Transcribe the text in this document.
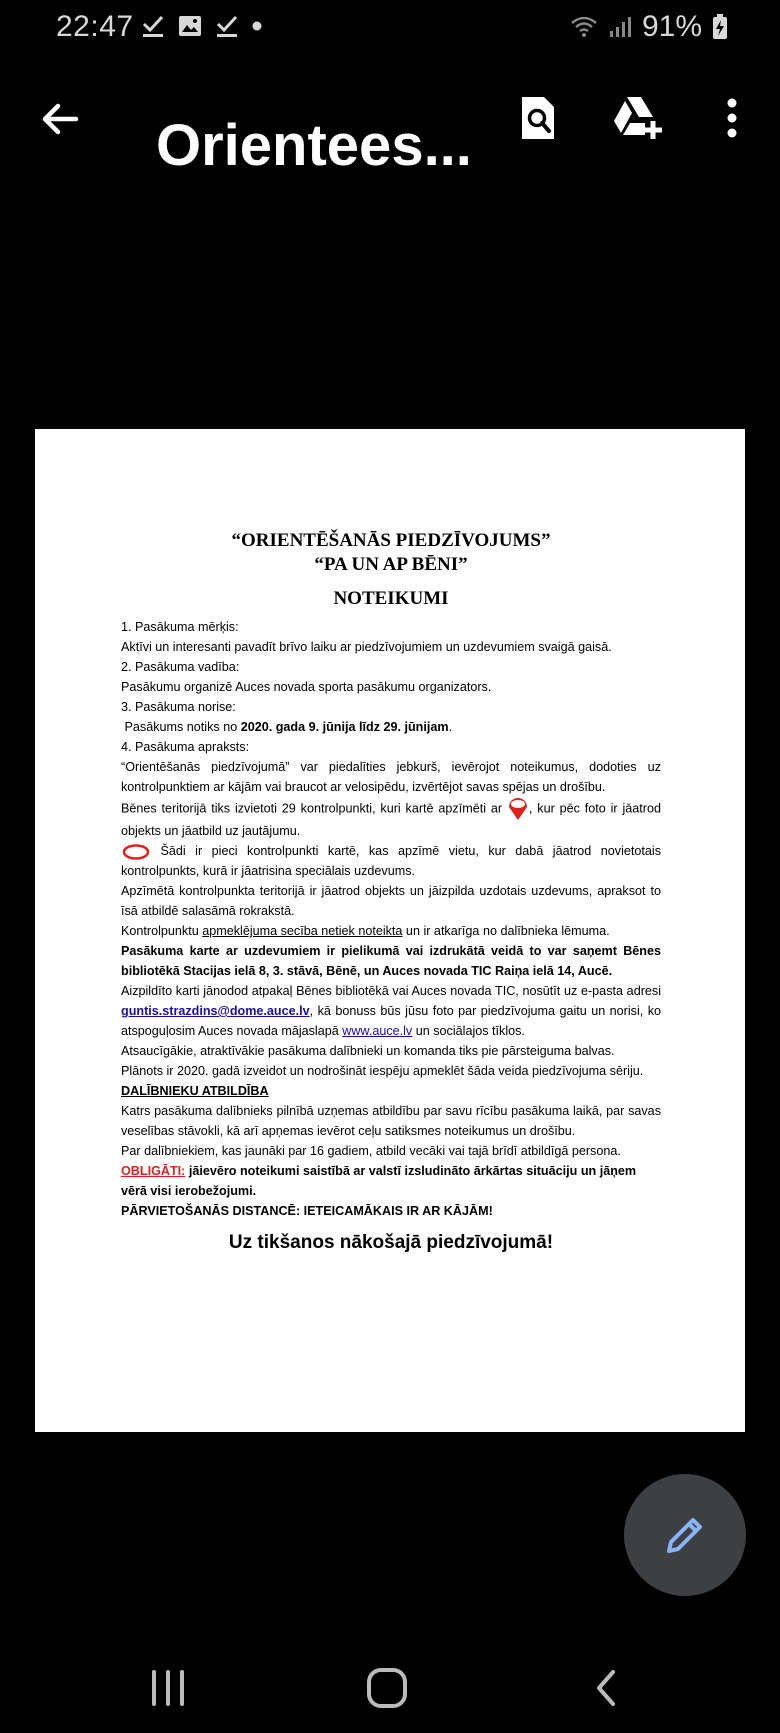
22:47	91%
Orientees...
“ORIENTĒŠANĀS PIEDZĪVOJUMS”
“PA UN AP BĒNI”
NOTEIKUMI

1. Pasākuma mērķis:

Aktīvi un interesanti pavadīt brīvo laiku ar piedzīvojumiem un uzdevumiem svaigā gaisā.

2. Pasākuma vadība:

Pasākumu organizē Auces novada sporta pasākumu organizators.

3. Pasākuma norise:

Pasākums notiks no 2020. gada 9. jūnija līdz 29. jūnijam.

4. Pasākuma apraksts:

“Orientēšanās piedzīvojumā” var piedalīties jebkurš, ievērojot noteikumus, dodoties uz kontrolpunktiem ar kājām vai braucot ar velosipēdu, izvērtējot savas spējas un drošību.

Bēnes teritorijā tiks izvietoti 29 kontrolpunkti, kuri kartē apzīmēti ar , kur pēc foto ir jāatrod objekts un jāatbild uz jautājumu.

Šādi ir pieci kontrolpunkti kartē, kas apzīmē vietu, kur dabā jāatrod novietotais kontrolpunkts, kurā ir jāatrisina speciālais uzdevums.

Apzīmētā kontrolpunkta teritorijā ir jāatrod objekts un jāizpilda uzdotais uzdevums, apraksot to īsā atbildē salasāmā rokrakstā.

Kontrolpunktu apmeklējuma secība netiek noteikta un ir atkarīga no dalībnieka lēmuma.

Pasākuma karte ar uzdevumiem ir pielikumā vai izdrukātā veidā to var saņemt Bēnes bibliotēkā Stacijas ielā 8, 3. stāvā, Bēnē, un Auces novada TIC Raiņa ielā 14, Aucē.

Aizpildīto karti jānodod atpakaļ Bēnes bibliotēkā vai Auces novada TIC, nosūtīt uz e-pasta adresi guntis.strazdins@dome.auce.lv, kā bonuss būs jūsu foto par piedzīvojuma gaitu un norisi, ko atspoguļosim Auces novada mājaslapā www.auce.lv un sociālajos tīklos.

Atsaucīgākie, atraktīvākie pasākuma dalībnieki un komanda tiks pie pārsteiguma balvas.

Plānots ir 2020. gadā izveidot un nodrošināt iespēju apmeklēt šāda veida piedzīvojuma sēriju.

DALĪBNIEKU ATBILDĪBA

Katrs pasākuma dalībnieks pilnībā uzņemas atbildību par savu rīcību pasākuma laikā, par savas veselības stāvokli, kā arī apņemas ievērot ceļu satiksmes noteikumus un drošību.

Par dalībniekiem, kas jaunāki par 16 gadiem, atbild vecāki vai tajā brīdī atbildīgā persona.

OBLIGĀTI: jāievēro noteikumi saistībā ar valstī izsludināto ārkārtas situāciju un jāņem vērā visi ierobežojumi.

PĀRVIETOŠANĀS DISTANCĒ: IETEICAMĀKAIS IR AR KĀJĀM!

Uz tikšanos nākošajā piedzīvojumā!
